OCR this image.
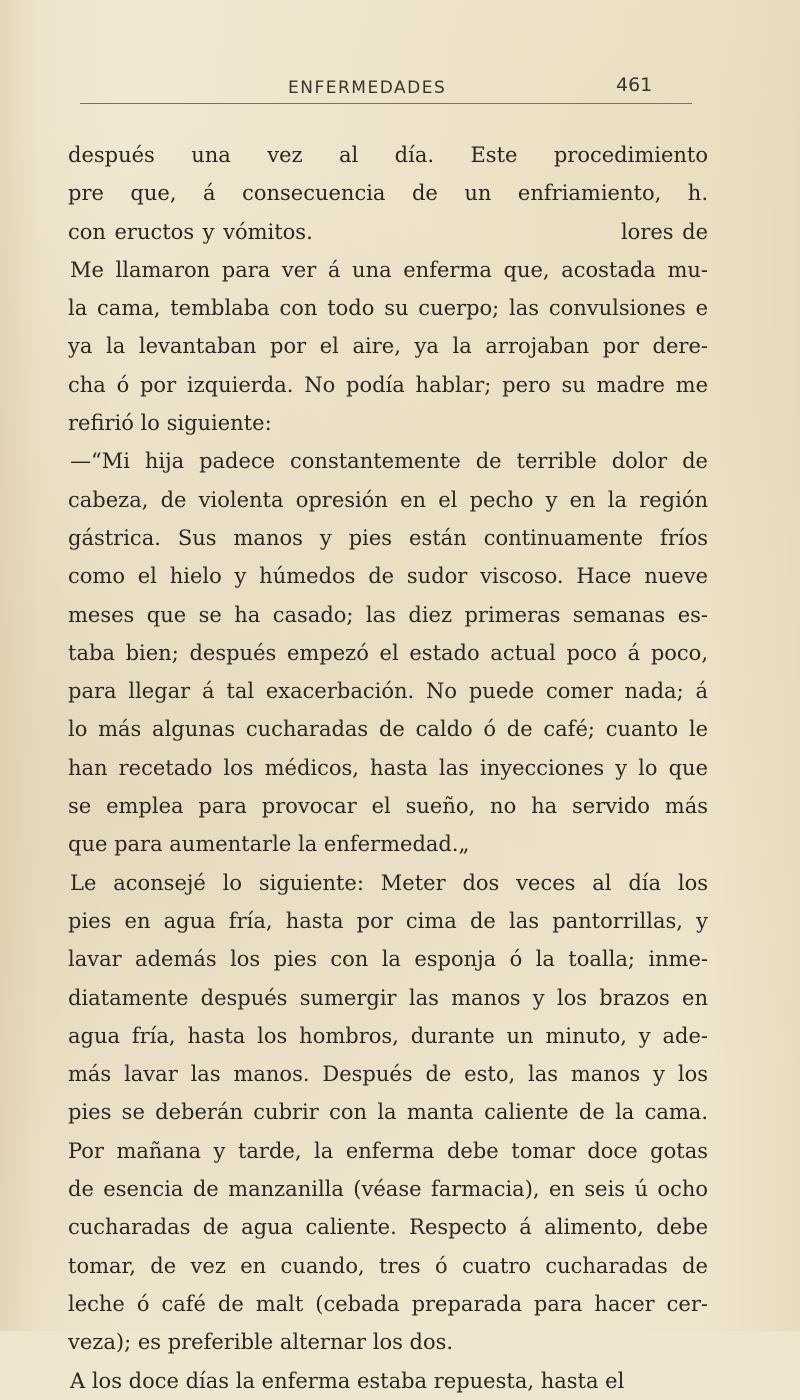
ENFERMEDADES	461
después una vez al día. Este procedimiento
pre que, á consecuencia de un enfriamiento, h.
con eructos y vómitos.                                    lores de
Me llamaron para ver á una enferma que, acostada mu-
la cama, temblaba con todo su cuerpo; las convulsiones e
ya la levantaban por el aire, ya la arrojaban por dere-
cha ó por izquierda. No podía hablar; pero su madre me
refirió lo siguiente:
—“Mi hija padece constantemente de terrible dolor de
cabeza, de violenta opresión en el pecho y en la región
gástrica. Sus manos y pies están continuamente fríos
como el hielo y húmedos de sudor viscoso. Hace nueve
meses que se ha casado; las diez primeras semanas es-
taba bien; después empezó el estado actual poco á poco,
para llegar á tal exacerbación. No puede comer nada; á
lo más algunas cucharadas de caldo ó de café; cuanto le
han recetado los médicos, hasta las inyecciones y lo que
se emplea para provocar el sueño, no ha servido más
que para aumentarle la enfermedad.„
Le aconsejé lo siguiente: Meter dos veces al día los
pies en agua fría, hasta por cima de las pantorrillas, y
lavar además los pies con la esponja ó la toalla; inme-
diatamente después sumergir las manos y los brazos en
agua fría, hasta los hombros, durante un minuto, y ade-
más lavar las manos. Después de esto, las manos y los
pies se deberán cubrir con la manta caliente de la cama.
Por mañana y tarde, la enferma debe tomar doce gotas
de esencia de manzanilla (véase farmacia), en seis ú ocho
cucharadas de agua caliente. Respecto á alimento, debe
tomar, de vez en cuando, tres ó cuatro cucharadas de
leche ó café de malt (cebada preparada para hacer cer-
veza); es preferible alternar los dos.
A los doce días la enferma estaba repuesta, hasta el
